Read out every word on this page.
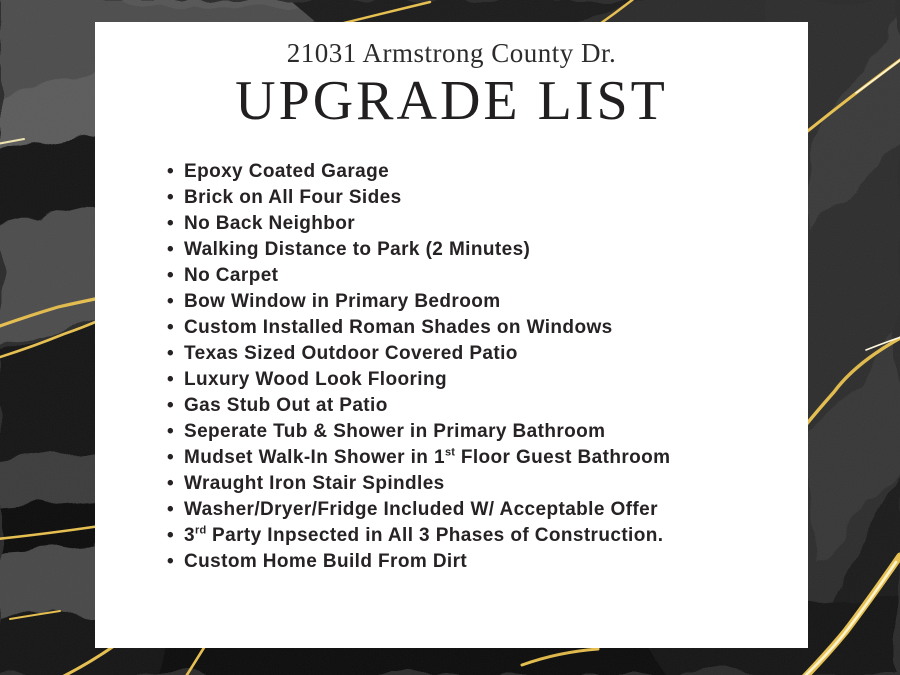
21031 Armstrong County Dr.
UPGRADE LIST
• Epoxy Coated Garage
• Brick on All Four Sides
• No Back Neighbor
• Walking Distance to Park (2 Minutes)
• No Carpet
• Bow Window in Primary Bedroom
• Custom Installed Roman Shades on Windows
• Texas Sized Outdoor Covered Patio
• Luxury Wood Look Flooring
• Gas Stub Out at Patio
• Seperate Tub & Shower in Primary Bathroom
• Mudset Walk-In Shower in 1st Floor Guest Bathroom
• Wraught Iron Stair Spindles
• Washer/Dryer/Fridge Included W/ Acceptable Offer
• 3rd Party Inpsected in All 3 Phases of Construction.
• Custom Home Build From Dirt
